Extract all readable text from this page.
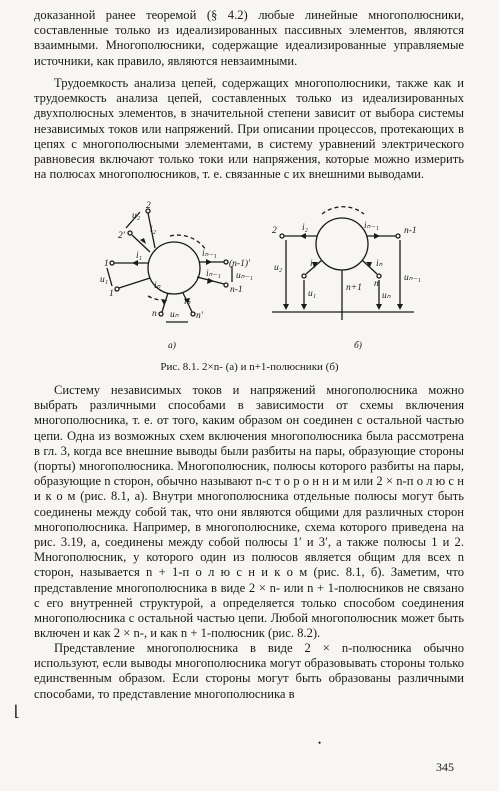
доказанной ранее теоремой (§ 4.2) любые линейные многополюсники, составленные только из идеализированных пассивных элементов, являются взаимными. Многополюсники, содержащие идеализированные управляемые источники, как правило, являются невзаимными.

Трудоемкость анализа цепей, содержащих многополюсники, также как и трудоемкость анализа цепей, составленных только из идеализированных двухполюсных элементов, в значительной степени зависит от выбора системы независимых токов или напряжений. При описании процессов, протекающих в цепях с многополюсными элементами, в систему уравнений электрического равновесия включают только токи или напряжения, которые можно измерить на полюсах многополюсников, т. е. связанные с их внешними выводами.

2
2′
1
1′
u₂
u₁
i₂
i₁	iₙ₋₁
(n-1)′
uₙ₋₁
iₙ₋₁
n-1
iₙ
n	n′
uₙ
iₙ
а)
2	i₂	iₙ₋₁	n-1
u₂
u₁
i₁	iₙ
n
uₙ
uₙ₋₁
n+1
б)
Рис. 8.1. 2×n- (а) и n+1-полюсники (б)

Систему независимых токов и напряжений многополюсника можно выбрать различными способами в зависимости от схемы включения многополюсника, т. е. от того, каким образом он соединен с остальной частью цепи. Одна из возможных схем включения многополюсника была рассмотрена в гл. 3, когда все внешние выводы были разбиты на пары, образующие стороны (порты) многополюсника. Многополюсник, полюсы которого разбиты на пары, образующие n сторон, обычно называют n-с т о р о н н и м или 2 × n-п о л ю с н и к о м (рис. 8.1, a). Внутри многополюсника отдельные полюсы могут быть соединены между собой так, что они являются общими для различных сторон многополюсника. Например, в многополюснике, схема которого приведена на рис. 3.19, a, соединены между собой полюсы 1′ и 3′, а также полюсы 1 и 2. Многополюсник, у которого один из полюсов является общим для всех n сторон, называется n + 1-п о л ю с н и к о м (рис. 8.1, б). Заметим, что представление многополюсника в виде 2 × n- или n + 1-полюсников не связано с его внутренней структурой, а определяется только способом соединения многополюсника с остальной частью цепи. Любой многополюсник может быть включен и как 2 × n-, и как n + 1-полюсник (рис. 8.2).

Представление многополюсника в виде 2 × n-полюсника обычно используют, если выводы многополюсника могут образовывать стороны только единственным образом. Если стороны могут быть образованы различными способами, то представление многополюсника в

⌊
•
345
